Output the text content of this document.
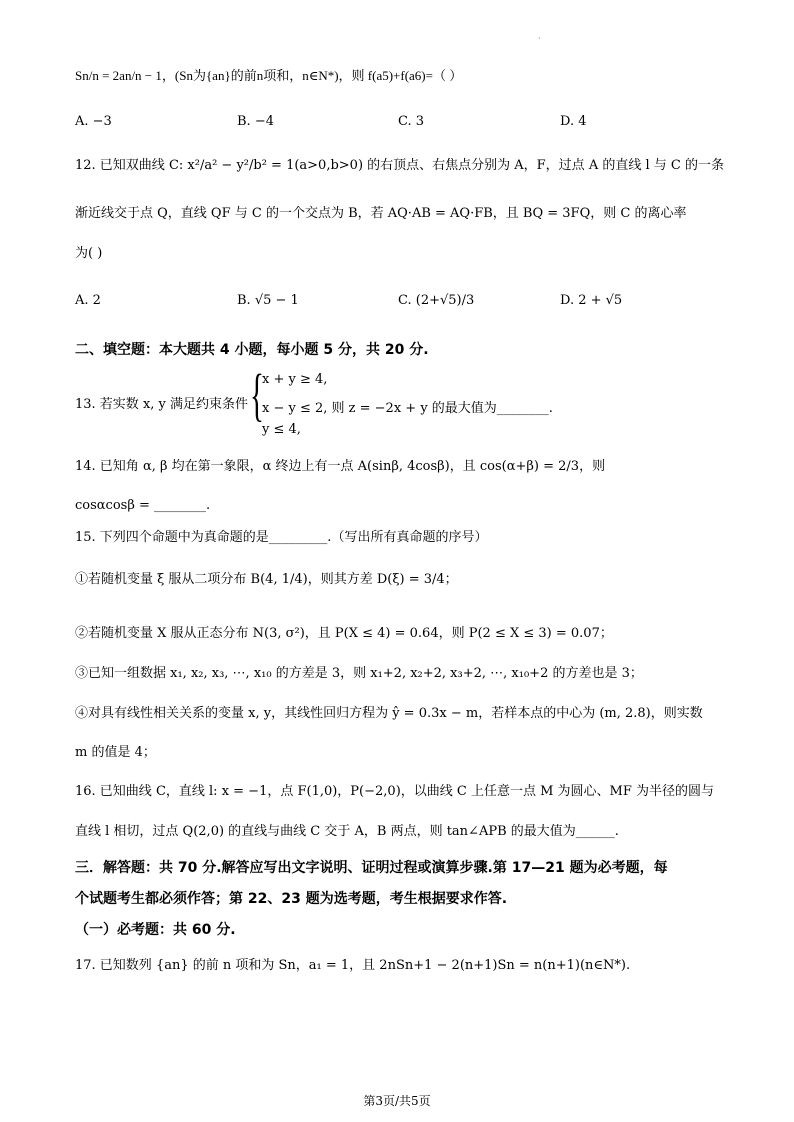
·
Sn/n = 2an/n − 1，(Sn为{an}的前n项和，n∈N*)，则 f(a5)+f(a6)=（ ）
A. −3	B. −4	C. 3	D. 4
12. 已知双曲线 C: x²/a² − y²/b² = 1(a>0,b>0) 的右顶点、右焦点分别为 A，F，过点 A 的直线 l 与 C 的一条
渐近线交于点 Q，直线 QF 与 C 的一个交点为 B，若 AQ·AB = AQ·FB，且 BQ = 3FQ，则 C 的离心率
为( )
A. 2	B. √5 − 1	C. (2+√5)/3	D. 2 + √5
二、填空题：本大题共 4 小题，每小题 5 分，共 20 分.
13. 若实数 x, y 满足约束条件 {
x + y ≥ 4,
x − y ≤ 2, 则 z = −2x + y 的最大值为________.
y ≤ 4,
14. 已知角 α, β 均在第一象限，α 终边上有一点 A(sinβ, 4cosβ)，且 cos(α+β) = 2/3，则
cosαcosβ = ________.
15. 下列四个命题中为真命题的是_________.（写出所有真命题的序号）
①若随机变量 ξ 服从二项分布 B(4, 1/4)，则其方差 D(ξ) = 3/4；
②若随机变量 X 服从正态分布 N(3, σ²)，且 P(X ≤ 4) = 0.64，则 P(2 ≤ X ≤ 3) = 0.07；
③已知一组数据 x₁, x₂, x₃, ⋯, x₁₀ 的方差是 3，则 x₁+2, x₂+2, x₃+2, ⋯, x₁₀+2 的方差也是 3；
④对具有线性相关关系的变量 x, y，其线性回归方程为 ŷ = 0.3x − m，若样本点的中心为 (m, 2.8)，则实数
m 的值是 4；
16. 已知曲线 C，直线 l: x = −1，点 F(1,0)，P(−2,0)，以曲线 C 上任意一点 M 为圆心、MF 为半径的圆与
直线 l 相切，过点 Q(2,0) 的直线与曲线 C 交于 A，B 两点，则 tan∠APB 的最大值为______.
三．解答题：共 70 分.解答应写出文字说明、证明过程或演算步骤.第 17—21 题为必考题，每
个试题考生都必须作答；第 22、23 题为选考题，考生根据要求作答.
（一）必考题：共 60 分.
17. 已知数列 {an} 的前 n 项和为 Sn，a₁ = 1，且 2nSn+1 − 2(n+1)Sn = n(n+1)(n∈N*).
第3页/共5页
